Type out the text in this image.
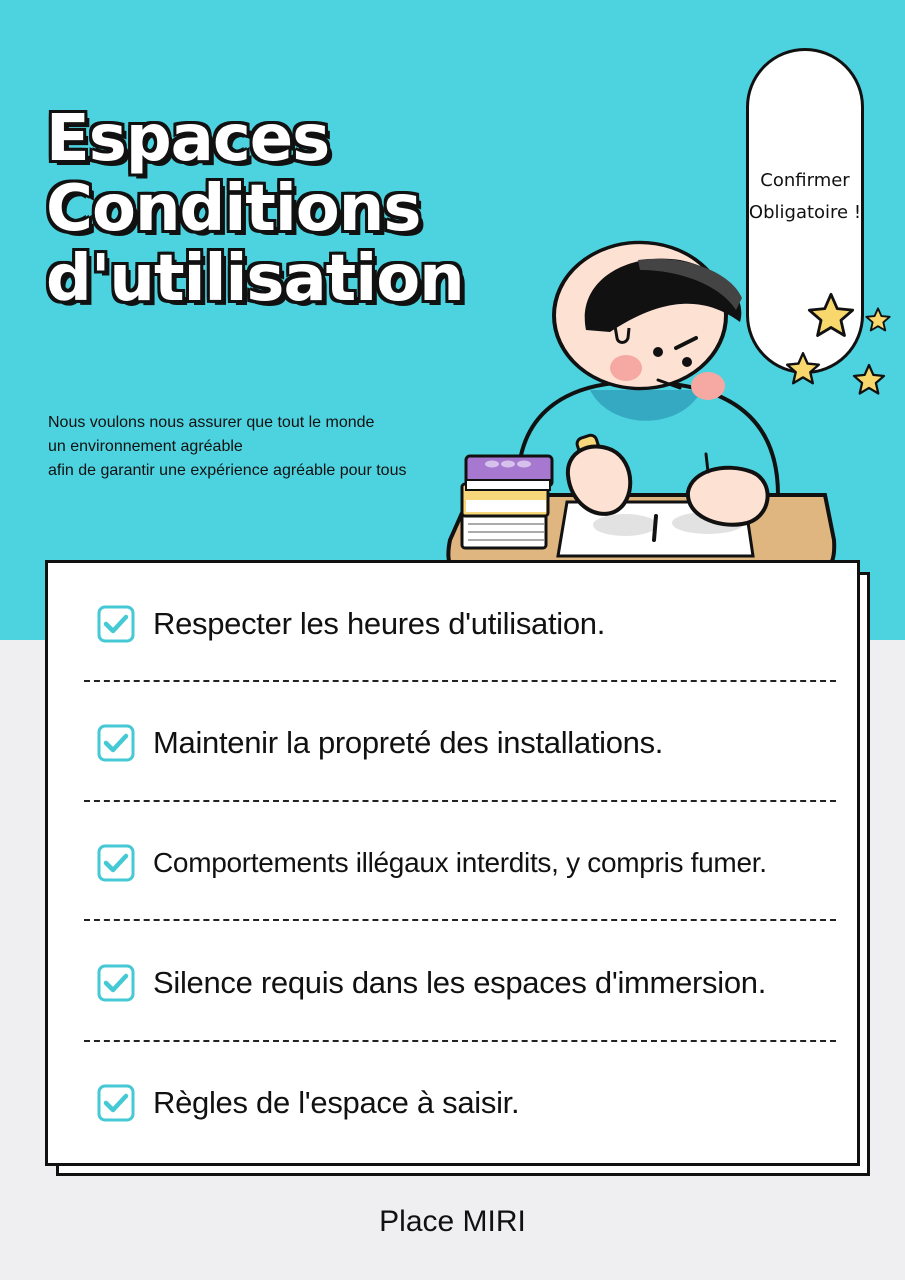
Espaces
Conditions
d'utilisation
Nous voulons nous assurer que tout le monde
un environnement agréable
afin de garantir une expérience agréable pour tous
Confirmer
Obligatoire !
Respecter les heures d'utilisation.
Maintenir la propreté des installations.
Comportements illégaux interdits, y compris fumer.
Silence requis dans les espaces d'immersion.
Règles de l'espace à saisir.
Place MIRI
